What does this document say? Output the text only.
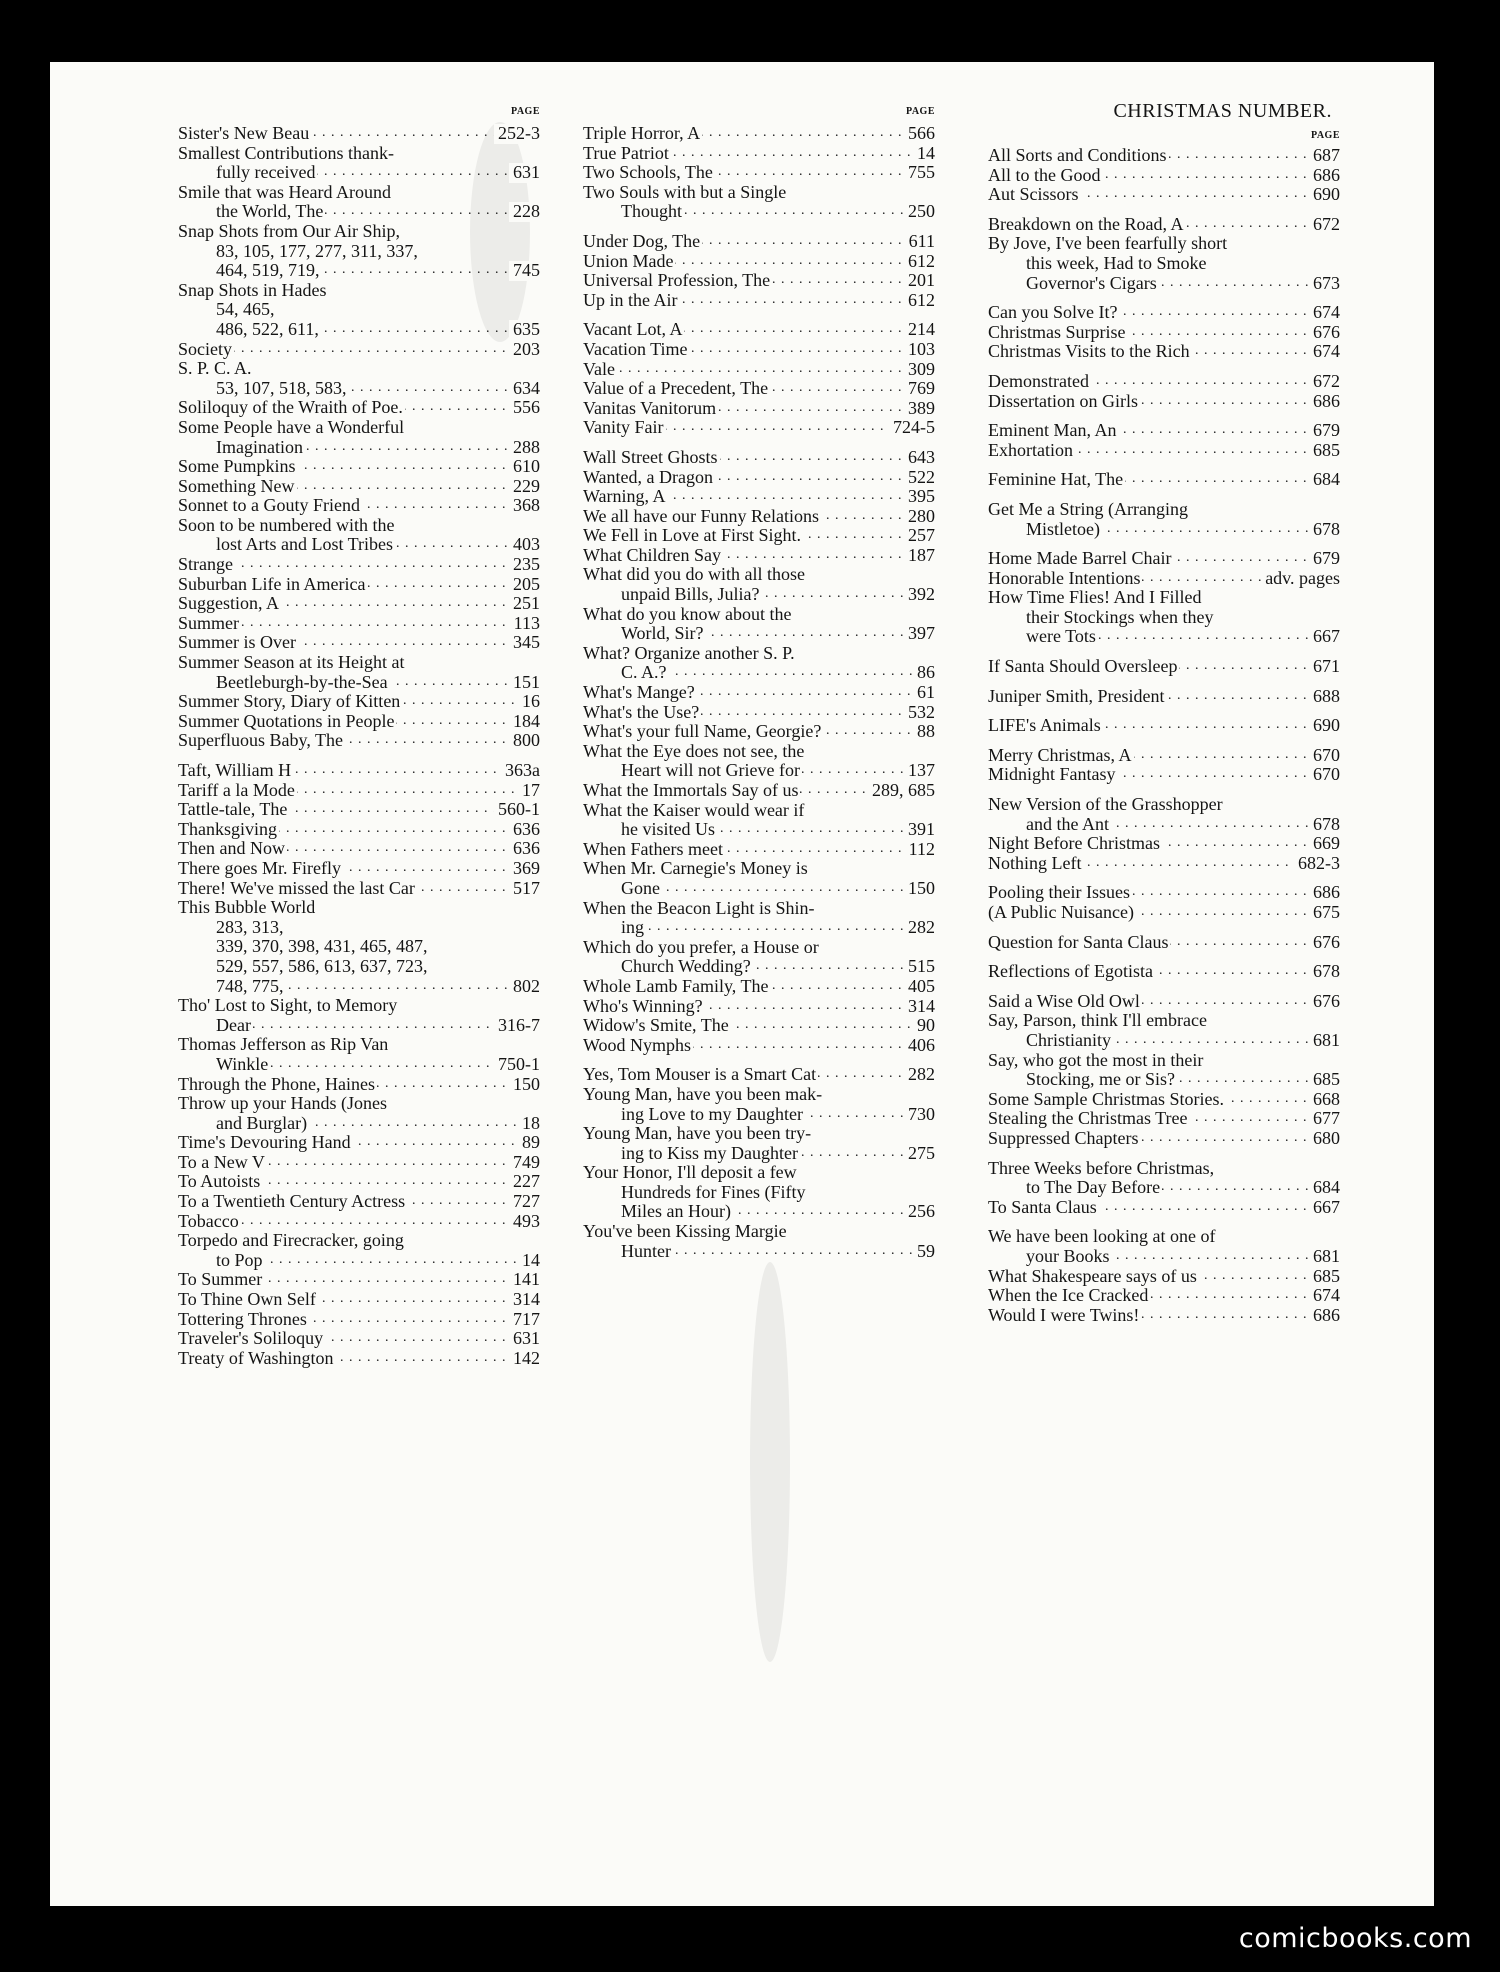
PAGE
Sister's New Beau . . .	252-3
Smallest Contributions thank-
fully received . . .	631
Smile that was Heard Around
the World, The . . .	228
Snap Shots from Our Air Ship,
83, 105, 177, 277, 311, 337,
464, 519, 719, . . .	745
Snap Shots in Hades
54, 465,
486, 522, 611, . . .	635
Society . . .	203
S. P. C. A.
53, 107, 518, 583, . . .	634
Soliloquy of the Wraith of Poe. . . .	556
Some People have a Wonderful
Imagination . . .	288
Some Pumpkins . . .	610
Something New . . .	229
Sonnet to a Gouty Friend . . .	368
Soon to be numbered with the
lost Arts and Lost Tribes . . .	403
Strange . . .	235
Suburban Life in America . . .	205
Suggestion, A . . .	251
Summer . . .	113
Summer is Over . . .	345
Summer Season at its Height at
Beetleburgh-by-the-Sea . . .	151
Summer Story, Diary of Kitten . . .	16
Summer Quotations in People . . .	184
Superfluous Baby, The . . .	800
Taft, William H . . .	363a
Tariff a la Mode . . .	17
Tattle-tale, The . . .	560-1
Thanksgiving . . .	636
Then and Now . . .	636
There goes Mr. Firefly . . .	369
There! We've missed the last Car . . .	517
This Bubble World
283, 313,
339, 370, 398, 431, 465, 487,
529, 557, 586, 613, 637, 723,
748, 775, . . .	802
Tho' Lost to Sight, to Memory
Dear . . .	316-7
Thomas Jefferson as Rip Van
Winkle . . .	750-1
Through the Phone, Haines . . .	150
Throw up your Hands (Jones
and Burglar) . . .	18
Time's Devouring Hand . . .	89
To a New V . . .	749
To Autoists . . .	227
To a Twentieth Century Actress . . .	727
Tobacco . . .	493
Torpedo and Firecracker, going
to Pop . . .	14
To Summer . . .	141
To Thine Own Self . . .	314
Tottering Thrones . . .	717
Traveler's Soliloquy . . .	631
Treaty of Washington . . .	142
PAGE
Triple Horror, A . . .	566
True Patriot . . .	14
Two Schools, The . . .	755
Two Souls with but a Single
Thought . . .	250
Under Dog, The . . .	611
Union Made . . .	612
Universal Profession, The . . .	201
Up in the Air . . .	612
Vacant Lot, A . . .	214
Vacation Time . . .	103
Vale . . .	309
Value of a Precedent, The . . .	769
Vanitas Vanitorum . . .	389
Vanity Fair . . .	724-5
Wall Street Ghosts . . .	643
Wanted, a Dragon . . .	522
Warning, A . . .	395
We all have our Funny Relations . . .	280
We Fell in Love at First Sight. . . .	257
What Children Say . . .	187
What did you do with all those
unpaid Bills, Julia? . . .	392
What do you know about the
World, Sir? . . .	397
What? Organize another S. P.
C. A.? . . .	86
What's Mange? . . .	61
What's the Use? . . .	532
What's your full Name, Georgie? . . .	88
What the Eye does not see, the
Heart will not Grieve for . . .	137
What the Immortals Say of us . . .	289, 685
What the Kaiser would wear if
he visited Us . . .	391
When Fathers meet . . .	112
When Mr. Carnegie's Money is
Gone . . .	150
When the Beacon Light is Shin-
ing . . .	282
Which do you prefer, a House or
Church Wedding? . . .	515
Whole Lamb Family, The . . .	405
Who's Winning? . . .	314
Widow's Smite, The . . .	90
Wood Nymphs . . .	406
Yes, Tom Mouser is a Smart Cat . . .	282
Young Man, have you been mak-
ing Love to my Daughter . . .	730
Young Man, have you been try-
ing to Kiss my Daughter . . .	275
Your Honor, I'll deposit a few
Hundreds for Fines (Fifty
Miles an Hour) . . .	256
You've been Kissing Margie
Hunter . . .	59
CHRISTMAS NUMBER.
PAGE
All Sorts and Conditions . . .	687
All to the Good . . .	686
Aut Scissors . . .	690
Breakdown on the Road, A . . .	672
By Jove, I've been fearfully short
this week, Had to Smoke
Governor's Cigars . . .	673
Can you Solve It? . . .	674
Christmas Surprise . . .	676
Christmas Visits to the Rich . . .	674
Demonstrated . . .	672
Dissertation on Girls . . .	686
Eminent Man, An . . .	679
Exhortation . . .	685
Feminine Hat, The . . .	684
Get Me a String (Arranging
Mistletoe) . . .	678
Home Made Barrel Chair . . .	679
Honorable Intentions . . .	adv. pages
How Time Flies! And I Filled
their Stockings when they
were Tots . . .	667
If Santa Should Oversleep . . .	671
Juniper Smith, President . . .	688
LIFE's Animals . . .	690
Merry Christmas, A . . .	670
Midnight Fantasy . . .	670
New Version of the Grasshopper
and the Ant . . .	678
Night Before Christmas . . .	669
Nothing Left . . .	682-3
Pooling their Issues . . .	686
(A Public Nuisance) . . .	675
Question for Santa Claus . . .	676
Reflections of Egotista . . .	678
Said a Wise Old Owl . . .	676
Say, Parson, think I'll embrace
Christianity . . .	681
Say, who got the most in their
Stocking, me or Sis? . . .	685
Some Sample Christmas Stories. . . .	668
Stealing the Christmas Tree . . .	677
Suppressed Chapters . . .	680
Three Weeks before Christmas,
to The Day Before . . .	684
To Santa Claus . . .	667
We have been looking at one of
your Books . . .	681
What Shakespeare says of us . . .	685
When the Ice Cracked . . .	674
Would I were Twins! . . .	686
comicbooks.com
